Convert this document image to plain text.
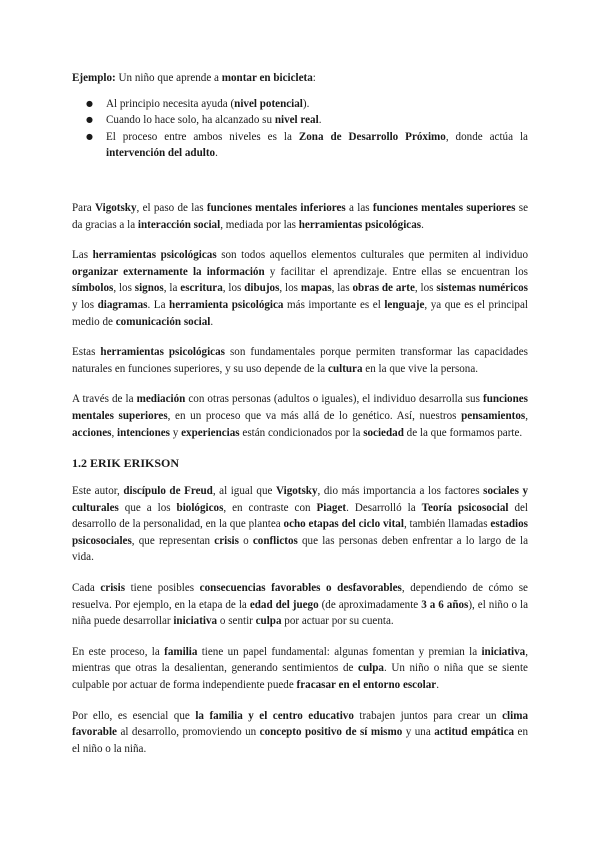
Ejemplo: Un niño que aprende a montar en bicicleta:

● Al principio necesita ayuda (nivel potencial).
● Cuando lo hace solo, ha alcanzado su nivel real.
● El proceso entre ambos niveles es la Zona de Desarrollo Próximo, donde actúa la intervención del adulto.

Para Vigotsky, el paso de las funciones mentales inferiores a las funciones mentales superiores se da gracias a la interacción social, mediada por las herramientas psicológicas.

Las herramientas psicológicas son todos aquellos elementos culturales que permiten al individuo organizar externamente la información y facilitar el aprendizaje. Entre ellas se encuentran los símbolos, los signos, la escritura, los dibujos, los mapas, las obras de arte, los sistemas numéricos y los diagramas. La herramienta psicológica más importante es el lenguaje, ya que es el principal medio de comunicación social.

Estas herramientas psicológicas son fundamentales porque permiten transformar las capacidades naturales en funciones superiores, y su uso depende de la cultura en la que vive la persona.

A través de la mediación con otras personas (adultos o iguales), el individuo desarrolla sus funciones mentales superiores, en un proceso que va más allá de lo genético. Así, nuestros pensamientos, acciones, intenciones y experiencias están condicionados por la sociedad de la que formamos parte.

1.2 ERIK ERIKSON

Este autor, discípulo de Freud, al igual que Vigotsky, dio más importancia a los factores sociales y culturales que a los biológicos, en contraste con Piaget. Desarrolló la Teoría psicosocial del desarrollo de la personalidad, en la que plantea ocho etapas del ciclo vital, también llamadas estadios psicosociales, que representan crisis o conflictos que las personas deben enfrentar a lo largo de la vida.

Cada crisis tiene posibles consecuencias favorables o desfavorables, dependiendo de cómo se resuelva. Por ejemplo, en la etapa de la edad del juego (de aproximadamente 3 a 6 años), el niño o la niña puede desarrollar iniciativa o sentir culpa por actuar por su cuenta.

En este proceso, la familia tiene un papel fundamental: algunas fomentan y premian la iniciativa, mientras que otras la desalientan, generando sentimientos de culpa. Un niño o niña que se siente culpable por actuar de forma independiente puede fracasar en el entorno escolar.

Por ello, es esencial que la familia y el centro educativo trabajen juntos para crear un clima favorable al desarrollo, promoviendo un concepto positivo de sí mismo y una actitud empática en el niño o la niña.
